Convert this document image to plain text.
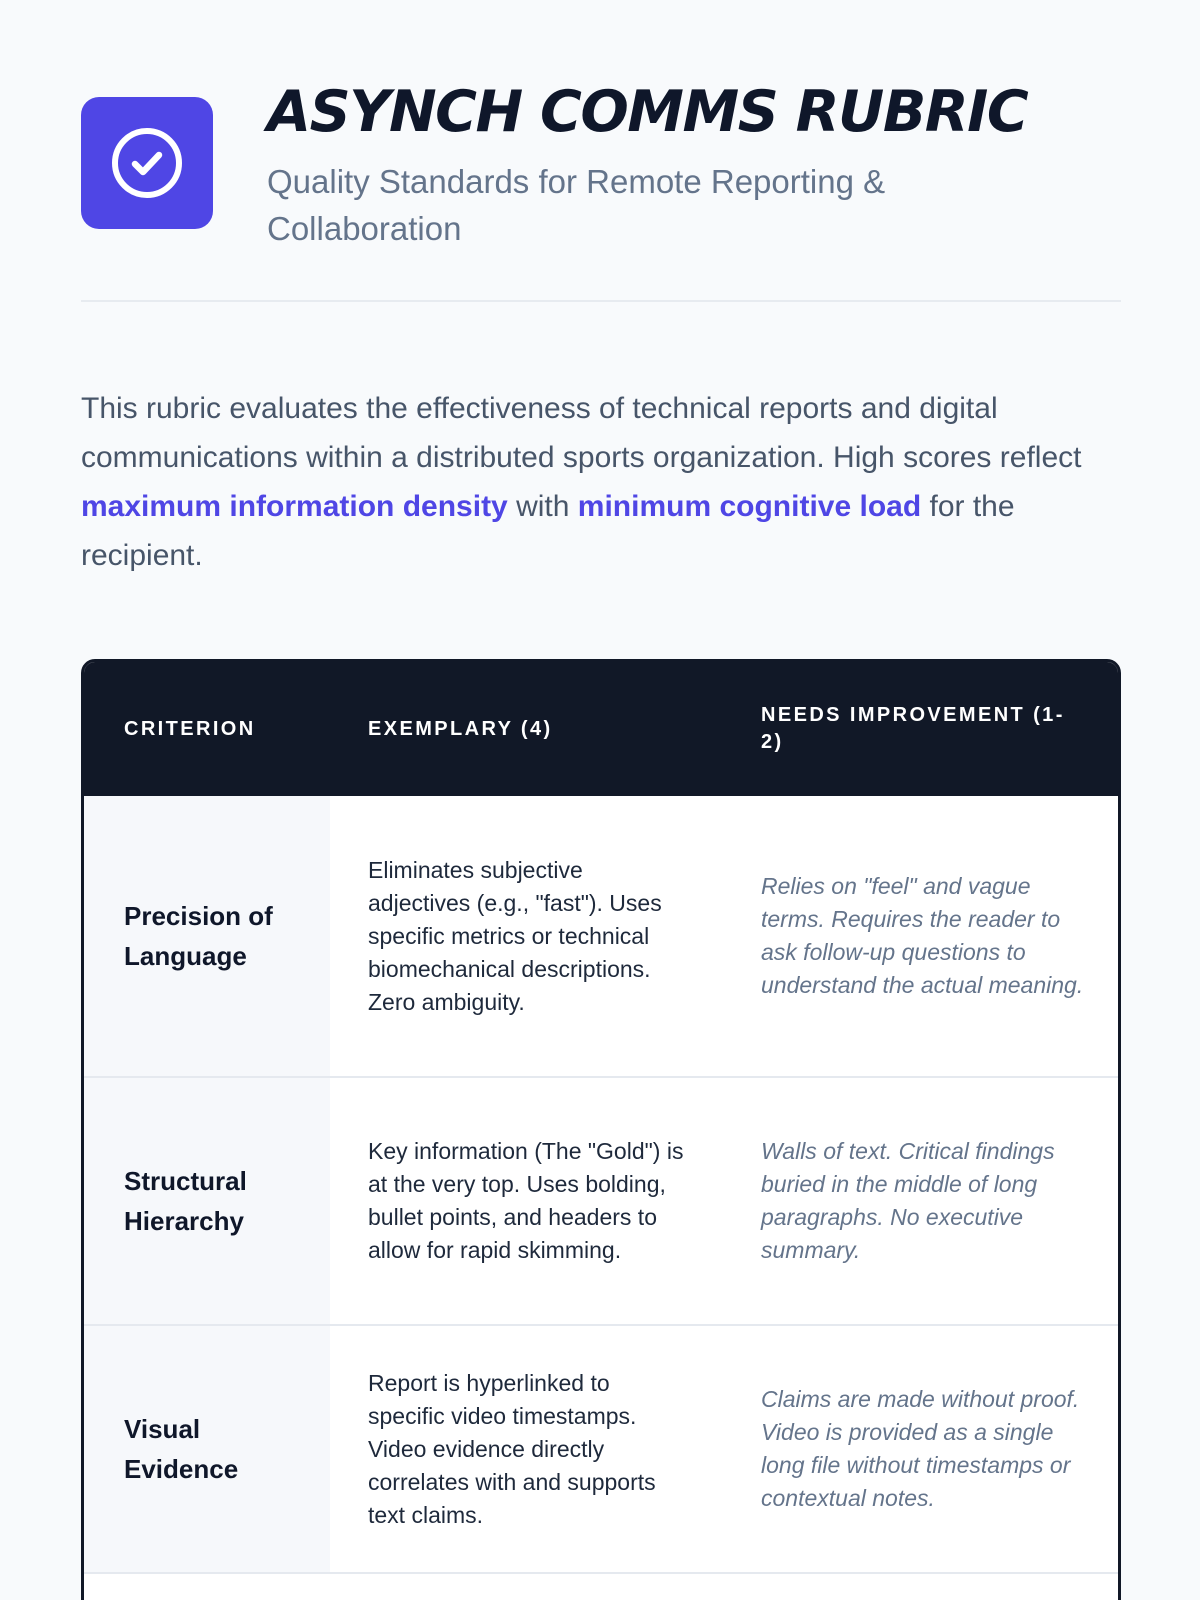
ASYNCH COMMS RUBRIC
Quality Standards for Remote Reporting & Collaboration

This rubric evaluates the effectiveness of technical reports and digital communications within a distributed sports organization. High scores reflect maximum information density with minimum cognitive load for the recipient.

CRITERION	EXEMPLARY (4)
NEEDS IMPROVEMENT (1-2)
Precision of Language
Eliminates subjective adjectives (e.g., "fast"). Uses specific metrics or technical biomechanical descriptions. Zero ambiguity.
Relies on "feel" and vague terms. Requires the reader to ask follow-up questions to understand the actual meaning.
Structural Hierarchy
Key information (The "Gold") is at the very top. Uses bolding, bullet points, and headers to allow for rapid skimming.
Walls of text. Critical findings buried in the middle of long paragraphs. No executive summary.
Visual Evidence
Report is hyperlinked to specific video timestamps. Video evidence directly correlates with and supports text claims.
Claims are made without proof. Video is provided as a single long file without timestamps or contextual notes.
